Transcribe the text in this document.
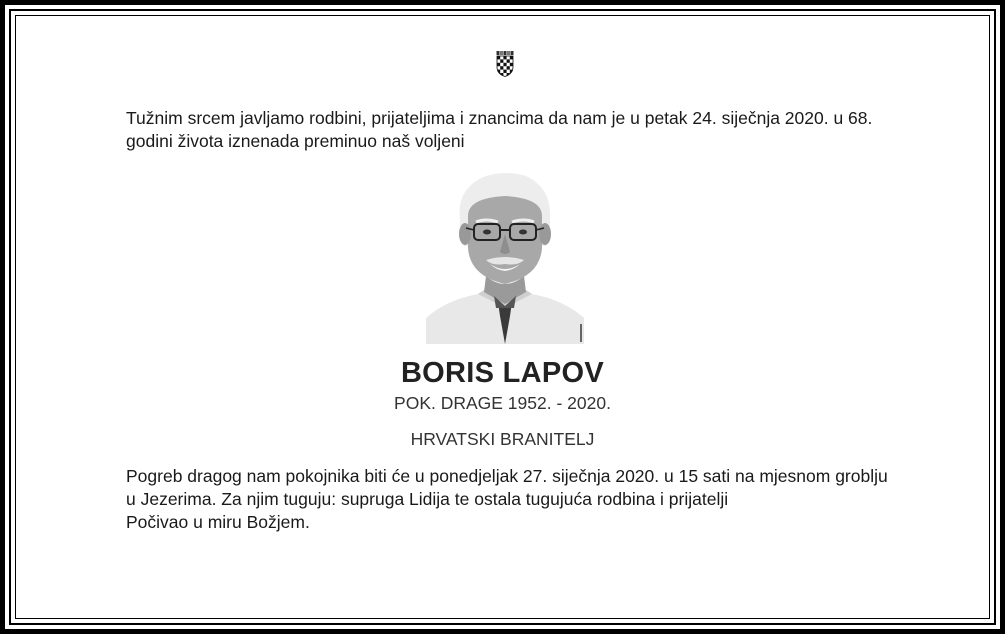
Tužnim srcem javljamo rodbini, prijateljima i znancima da nam je u petak 24. siječnja 2020. u 68. godini života iznenada preminuo naš voljeni

BORIS LAPOV
POK. DRAGE 1952. - 2020.
HRVATSKI BRANITELJ

Pogreb dragog nam pokojnika biti će u ponedjeljak 27. siječnja 2020. u 15 sati na mjesnom groblju u Jezerima. Za njim tuguju: supruga Lidija te ostala tugujuća rodbina i prijatelji

Počivao u miru Božjem.
